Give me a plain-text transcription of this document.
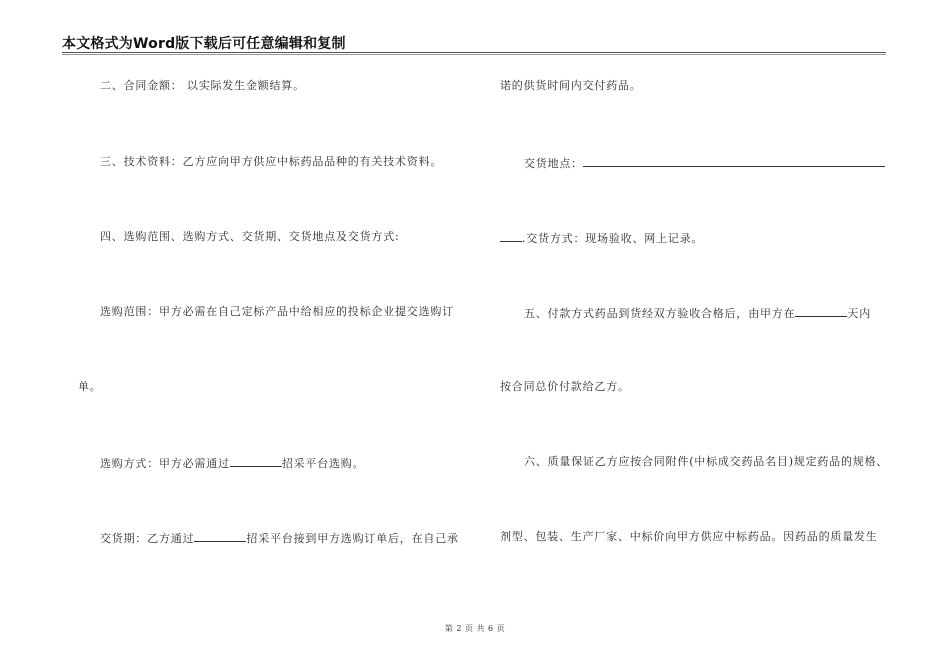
本文格式为Word版下载后可任意编辑和复制
二、合同金额： 以实际发生金额结算。
三、技术资料：乙方应向甲方供应中标药品品种的有关技术资料。
四、选购范围、选购方式、交货期、交货地点及交货方式:
选购范围：甲方必需在自己定标产品中给相应的投标企业提交选购订
单。
选购方式：甲方必需通过	招采平台选购。
交货期：乙方通过	招采平台接到甲方选购订单后，在自己承
诺的供货时间内交付药品。
交货地点：
.交货方式：现场验收、网上记录。
五、付款方式药品到货经双方验收合格后，由甲方在	天内
按合同总价付款给乙方。
六、质量保证乙方应按合同附件(中标成交药品名目)规定药品的规格、
剂型、包装、生产厂家、中标价向甲方供应中标药品。因药品的质量发生
第 2 页 共 6 页
